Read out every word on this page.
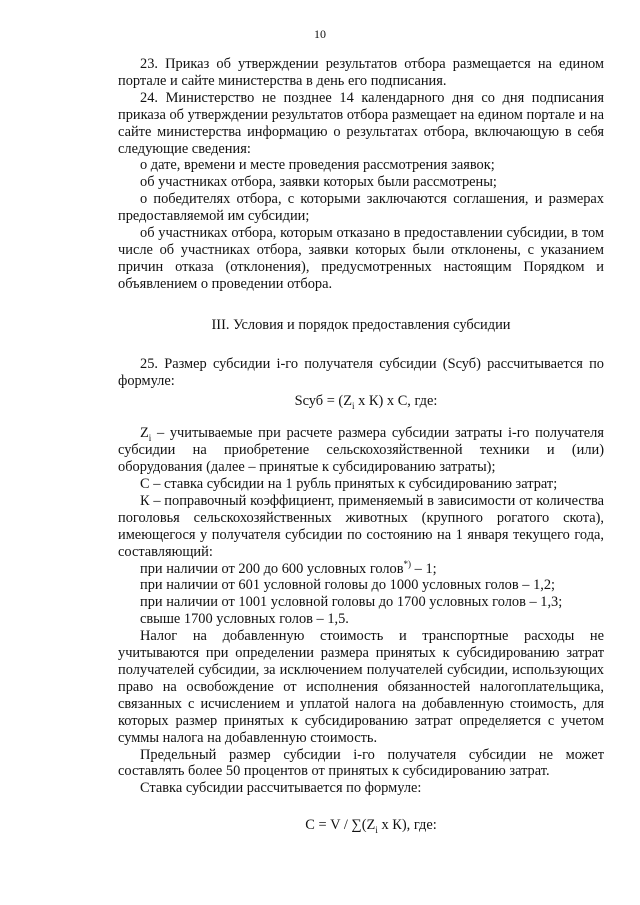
10

23. Приказ об утверждении результатов отбора размещается на едином портале и сайте министерства в день его подписания.

24. Министерство не позднее 14 календарного дня со дня подписания приказа об утверждении результатов отбора размещает на едином портале и на сайте министерства информацию о результатах отбора, включающую в себя следующие сведения:

о дате, времени и месте проведения рассмотрения заявок;

об участниках отбора, заявки которых были рассмотрены;

о победителях отбора, с которыми заключаются соглашения, и размерах предоставляемой им субсидии;

об участниках отбора, которым отказано в предоставлении субсидии, в том числе об участниках отбора, заявки которых были отклонены, с указанием причин отказа (отклонения), предусмотренных настоящим Порядком и объявлением о проведении отбора.

III. Условия и порядок предоставления субсидии

25. Размер субсидии i-го получателя субсидии (Sсуб) рассчитывается по формуле:

Sсуб = ($Z_i$ x К) x С, где:

$Z_i$ – учитываемые при расчете размера субсидии затраты i-го получателя субсидии на приобретение сельскохозяйственной техники и (или) оборудования (далее – принятые к субсидированию затраты);

С – ставка субсидии на 1 рубль принятых к субсидированию затрат;

К – поправочный коэффициент, применяемый в зависимости от количества поголовья сельскохозяйственных животных (крупного рогатого скота), имеющегося у получателя субсидии по состоянию на 1 января текущего года, составляющий:

при наличии от 200 до 600 условных голов*) – 1;

при наличии от 601 условной головы до 1000 условных голов – 1,2;

при наличии от 1001 условной головы до 1700 условных голов – 1,3;

свыше 1700 условных голов – 1,5.

Налог на добавленную стоимость и транспортные расходы не учитываются при определении размера принятых к субсидированию затрат получателей субсидии, за исключением получателей субсидии, использующих право на освобождение от исполнения обязанностей налогоплательщика, связанных с исчислением и уплатой налога на добавленную стоимость, для которых размер принятых к субсидированию затрат определяется с учетом суммы налога на добавленную стоимость.

Предельный размер субсидии i-го получателя субсидии не может составлять более 50 процентов от принятых к субсидированию затрат.

Ставка субсидии рассчитывается по формуле:

$С = V / \sum(Z_i$ x К), где:
